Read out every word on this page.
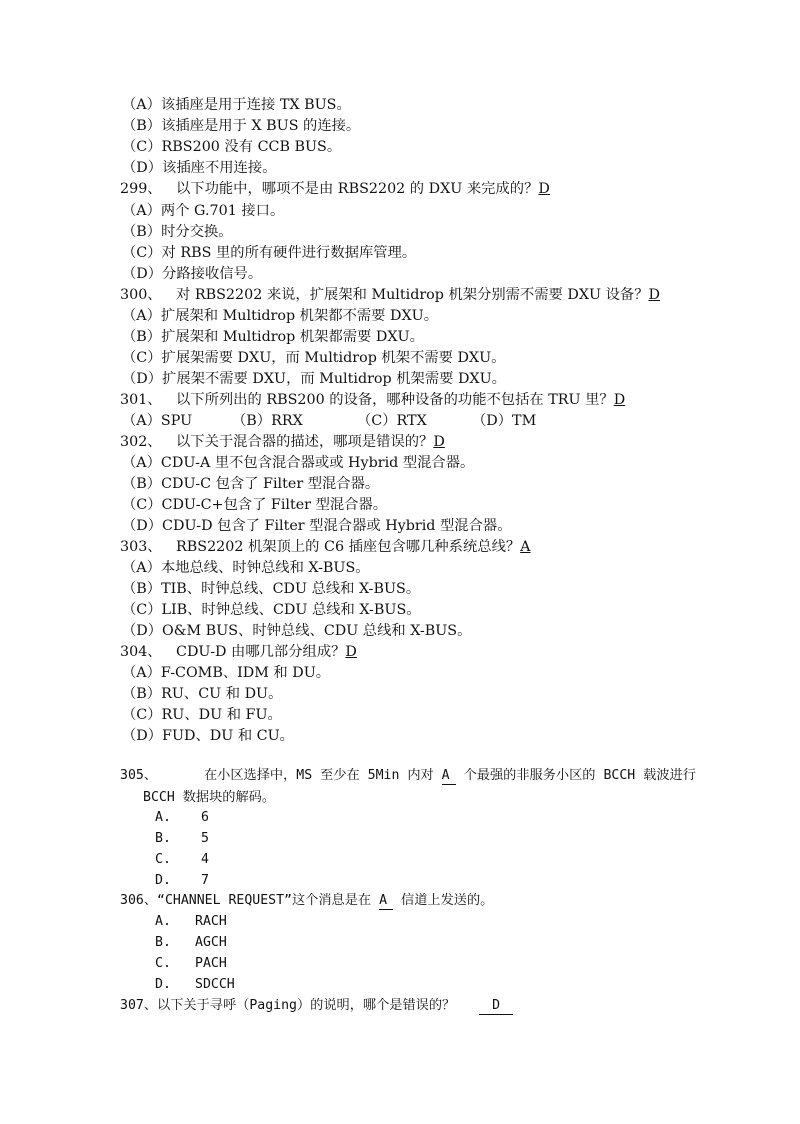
（A）该插座是用于连接 TX BUS。
（B）该插座是用于 X BUS 的连接。
（C）RBS200 没有 CCB BUS。
（D）该插座不用连接。
299、 以下功能中，哪项不是由 RBS2202 的 DXU 来完成的？D
（A）两个 G.701 接口。
（B）时分交换。
（C）对 RBS 里的所有硬件进行数据库管理。
（D）分路接收信号。
300、 对 RBS2202 来说，扩展架和 Multidrop 机架分别需不需要 DXU 设备？D
（A）扩展架和 Multidrop 机架都不需要 DXU。
（B）扩展架和 Multidrop 机架都需要 DXU。
（C）扩展架需要 DXU，而 Multidrop 机架不需要 DXU。
（D）扩展架不需要 DXU，而 Multidrop 机架需要 DXU。
301、 以下所列出的 RBS200 的设备，哪种设备的功能不包括在 TRU 里？D
（A）SPU	（B）RRX	（C）RTX	（D）TM
302、 以下关于混合器的描述，哪项是错误的？D
（A）CDU-A 里不包含混合器或或 Hybrid 型混合器。
（B）CDU-C 包含了 Filter 型混合器。
（C）CDU-C+包含了 Filter 型混合器。
（D）CDU-D 包含了 Filter 型混合器或 Hybrid 型混合器。
303、 RBS2202 机架顶上的 C6 插座包含哪几种系统总线？A
（A）本地总线、时钟总线和 X-BUS。
（B）TIB、时钟总线、CDU 总线和 X-BUS。
（C）LIB、时钟总线、CDU 总线和 X-BUS。
（D）O&M BUS、时钟总线、CDU 总线和 X-BUS。
304、 CDU-D 由哪几部分组成？D
（A）F-COMB、IDM 和 DU。
（B）RU、CU 和 DU。
（C）RU、DU 和 FU。
（D）FUD、DU 和 CU。
305、	在小区选择中，MS 至少在 5Min 内对 A 个最强的非服务小区的 BCCH 载波进行
BCCH 数据块的解码。
A. 6
B. 5
C. 4
D. 7
306、“CHANNEL REQUEST”这个消息是在 A 信道上发送的。
A. RACH
B. AGCH
C. PACH
D. SDCCH
307、以下关于寻呼（Paging）的说明，哪个是错误的？	D
